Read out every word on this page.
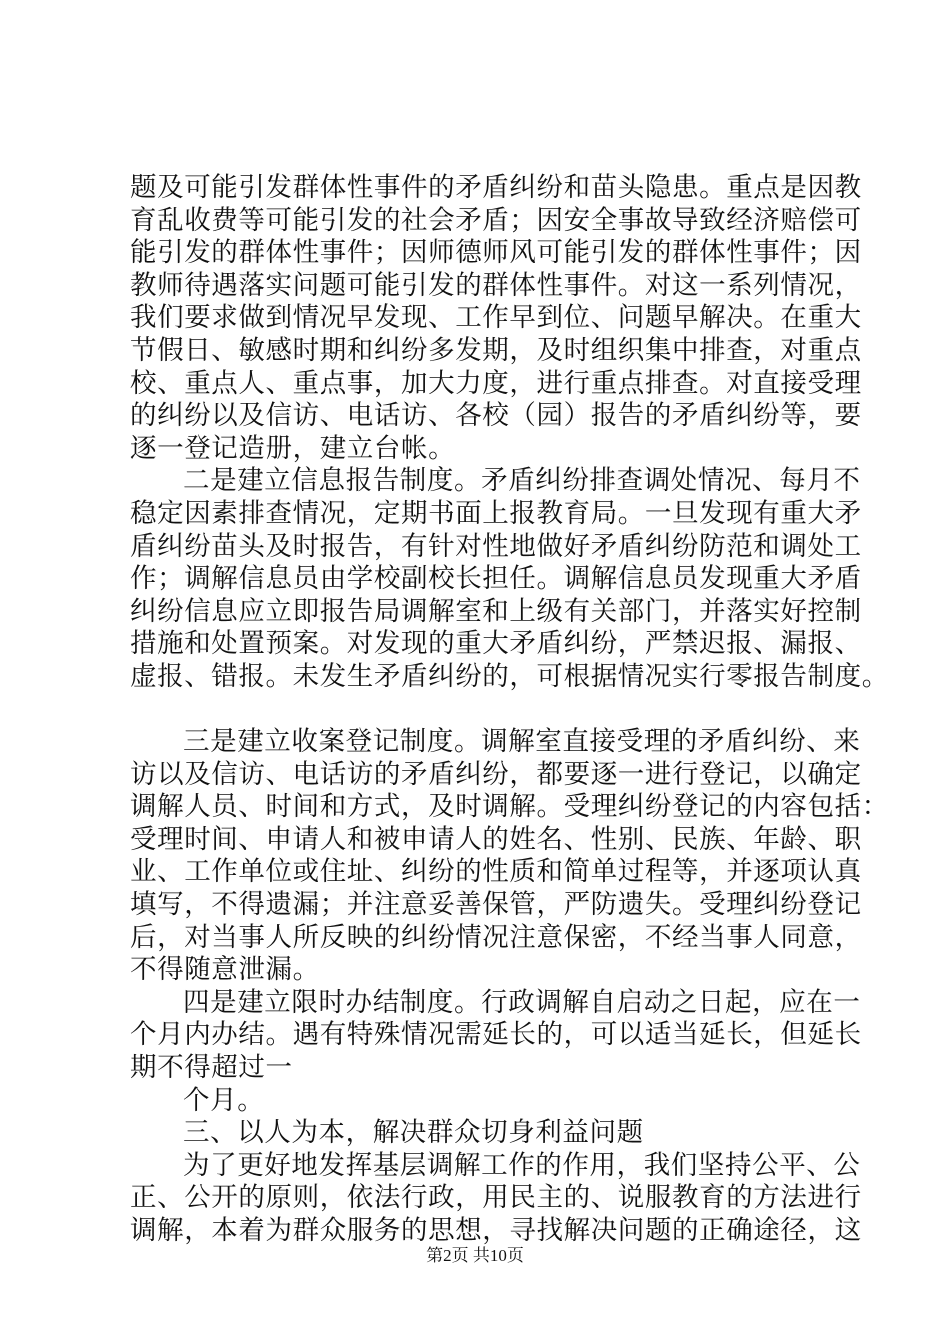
题及可能引发群体性事件的矛盾纠纷和苗头隐患。重点是因教
育乱收费等可能引发的社会矛盾；因安全事故导致经济赔偿可
能引发的群体性事件；因师德师风可能引发的群体性事件；因
教师待遇落实问题可能引发的群体性事件。对这一系列情况，
我们要求做到情况早发现、工作早到位、问题早解决。在重大
节假日、敏感时期和纠纷多发期，及时组织集中排查，对重点
校、重点人、重点事，加大力度，进行重点排查。对直接受理
的纠纷以及信访、电话访、各校（园）报告的矛盾纠纷等，要
逐一登记造册，建立台帐。
二是建立信息报告制度。矛盾纠纷排查调处情况、每月不
稳定因素排查情况，定期书面上报教育局。一旦发现有重大矛
盾纠纷苗头及时报告，有针对性地做好矛盾纠纷防范和调处工
作；调解信息员由学校副校长担任。调解信息员发现重大矛盾
纠纷信息应立即报告局调解室和上级有关部门，并落实好控制
措施和处置预案。对发现的重大矛盾纠纷，严禁迟报、漏报、
虚报、错报。未发生矛盾纠纷的，可根据情况实行零报告制度。
三是建立收案登记制度。调解室直接受理的矛盾纠纷、来
访以及信访、电话访的矛盾纠纷，都要逐一进行登记，以确定
调解人员、时间和方式，及时调解。受理纠纷登记的内容包括：
受理时间、申请人和被申请人的姓名、性别、民族、年龄、职
业、工作单位或住址、纠纷的性质和简单过程等，并逐项认真
填写，不得遗漏；并注意妥善保管，严防遗失。受理纠纷登记
后，对当事人所反映的纠纷情况注意保密，不经当事人同意，
不得随意泄漏。
四是建立限时办结制度。行政调解自启动之日起，应在一
个月内办结。遇有特殊情况需延长的，可以适当延长，但延长
期不得超过一
个月。
三、以人为本，解决群众切身利益问题
为了更好地发挥基层调解工作的作用，我们坚持公平、公
正、公开的原则，依法行政，用民主的、说服教育的方法进行
调解，本着为群众服务的思想，寻找解决问题的正确途径，这
第2页 共10页
